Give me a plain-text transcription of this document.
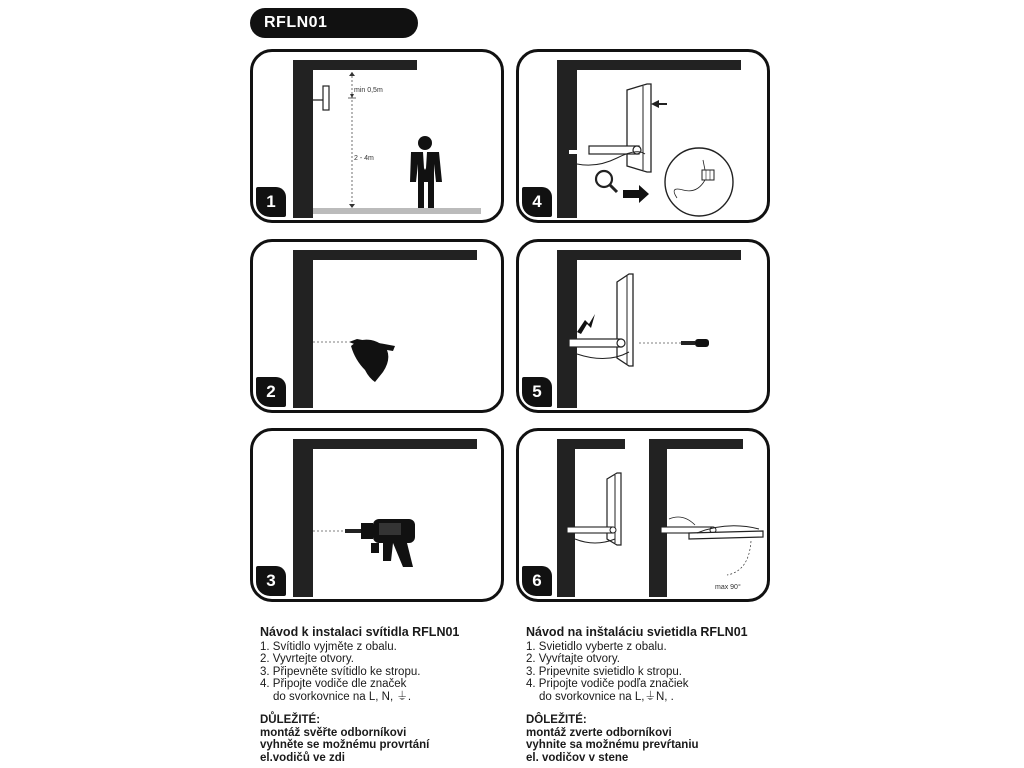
RFLN01
min 0,5m
2 - 4m
1	4
2	5
3	max 90°
6
Návod k instalaci svítidla RFLN01
1. Svítidlo vyjměte z obalu.
2. Vyvrtejte otvory.
3. Připevněte svítidlo ke stropu.
4. Připojte vodiče dle značek
do svorkovnice na L, N, ⏚.
DŮLEŽITÉ:
montáž svěřte odborníkovi
vyhněte se možnému provrtání
el.vodičů ve zdi
Návod na inštaláciu svietidla RFLN01
1. Svietidlo vyberte z obalu.
2. Vyvŕtajte otvory.
3. Pripevnite svietidlo k stropu.
4. Pripojte vodiče podľa značiek
do svorkovnice na L,⏚N, .
DÔLEŽITÉ:
montáž zverte odborníkovi
vyhnite sa možnému prevŕtaniu
el. vodičov v stene
